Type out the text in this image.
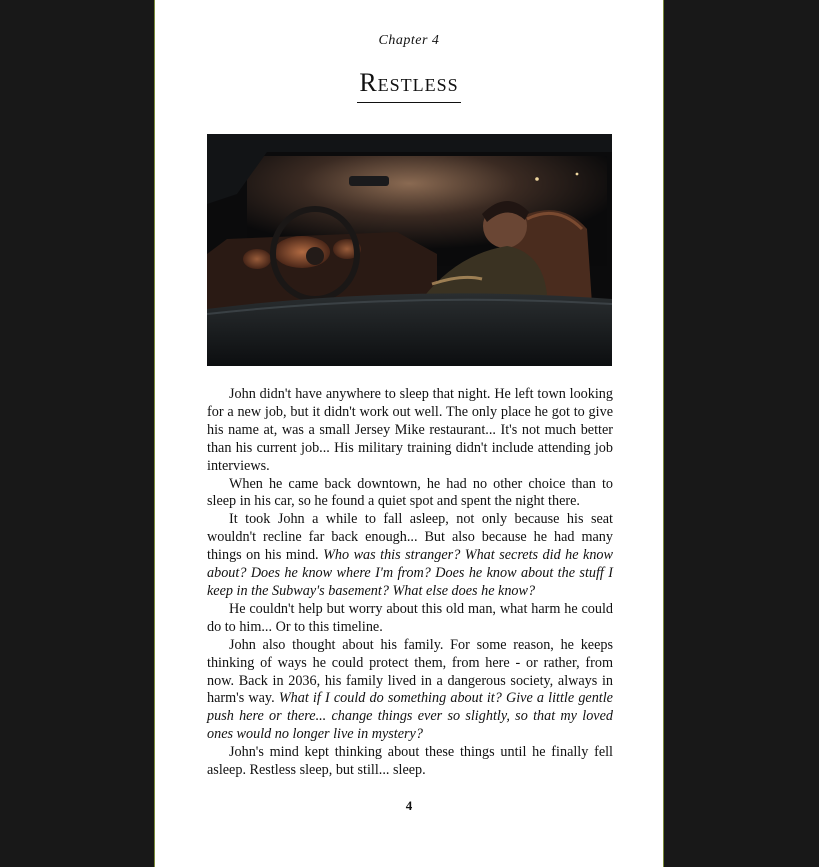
Chapter 4
Restless

John didn't have anywhere to sleep that night. He left town looking for a new job, but it didn't work out well. The only place he got to give his name at, was a small Jersey Mike restaurant... It's not much better than his current job... His military training didn't include attending job interviews.

When he came back downtown, he had no other choice than to sleep in his car, so he found a quiet spot and spent the night there.

It took John a while to fall asleep, not only because his seat wouldn't recline far back enough... But also because he had many things on his mind. Who was this stranger? What secrets did he know about? Does he know where I'm from? Does he know about the stuff I keep in the Subway's basement? What else does he know?

He couldn't help but worry about this old man, what harm he could do to him... Or to this timeline.

John also thought about his family. For some reason, he keeps thinking of ways he could protect them, from here - or rather, from now. Back in 2036, his family lived in a dangerous society, always in harm's way. What if I could do something about it? Give a little gentle push here or there... change things ever so slightly, so that my loved ones would no longer live in mystery?

John's mind kept thinking about these things until he finally fell asleep. Restless sleep, but still... sleep.

4
